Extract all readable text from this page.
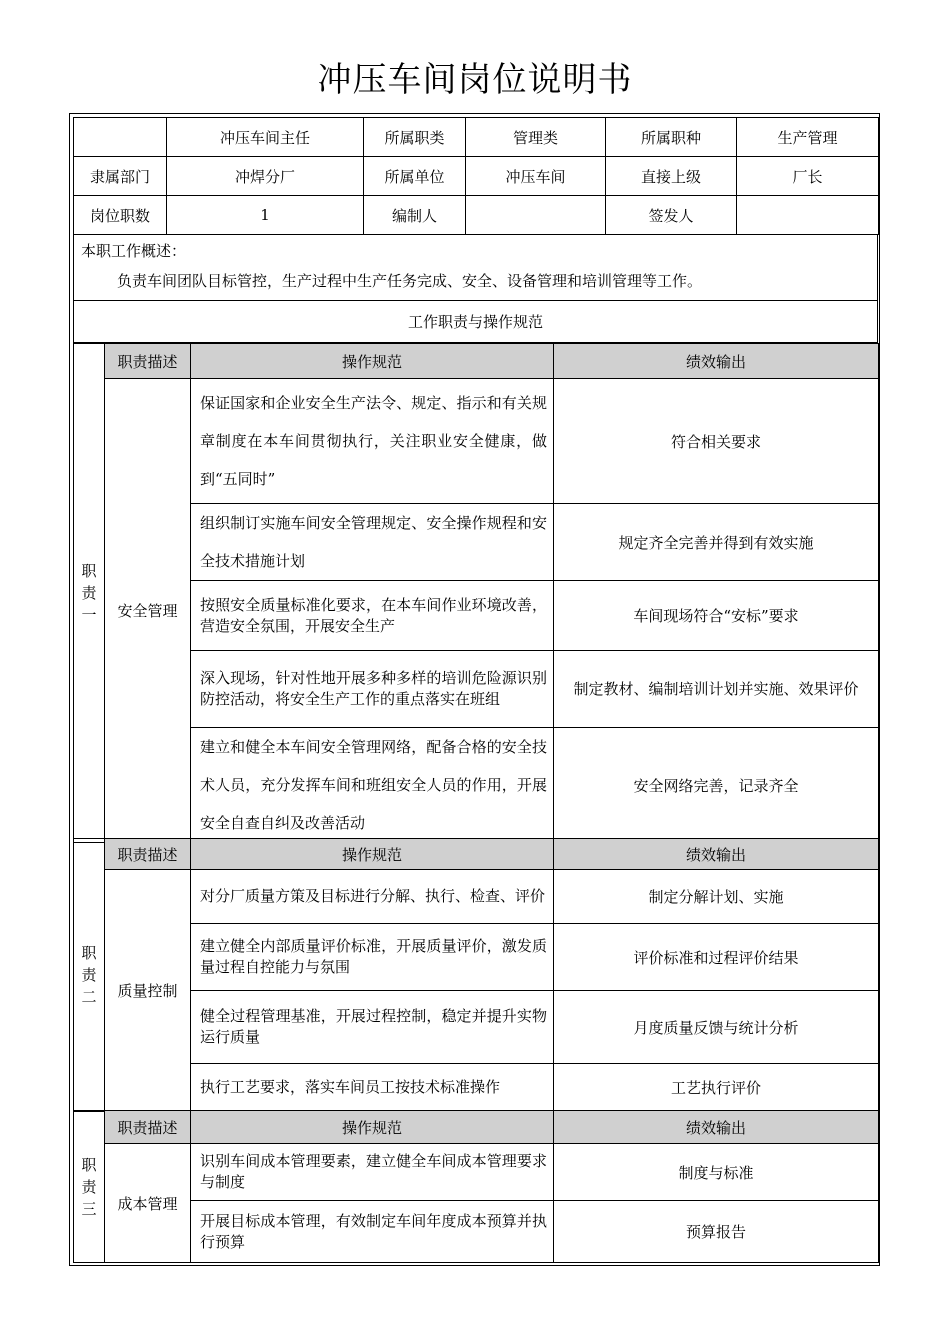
冲压车间岗位说明书
	冲压车间主任	所属职类	管理类	所属职种	生产管理
隶属部门	冲焊分厂	所属单位	冲压车间	直接上级	厂长
岗位职数	1	编制人		签发人	
本职工作概述：
负责车间团队目标管控，生产过程中生产任务完成、安全、设备管理和培训管理等工作。
工作职责与操作规范
职责一	职责描述	操作规范	绩效输出
	安全管理	保证国家和企业安全生产法令、规定、指示和有关规章制度在本车间贯彻执行，关注职业安全健康，做到“五同时”	符合相关要求
		组织制订实施车间安全管理规定、安全操作规程和安全技术措施计划	规定齐全完善并得到有效实施
		按照安全质量标准化要求，在本车间作业环境改善，营造安全氛围，开展安全生产	车间现场符合“安标”要求
		深入现场，针对性地开展多种多样的培训危险源识别防控活动，将安全生产工作的重点落实在班组	制定教材、编制培训计划并实施、效果评价
		建立和健全本车间安全管理网络，配备合格的安全技术人员，充分发挥车间和班组安全人员的作用，开展安全自查自纠及改善活动	安全网络完善，记录齐全
职责二	职责描述	操作规范	绩效输出
	质量控制	对分厂质量方策及目标进行分解、执行、检查、评价	制定分解计划、实施
		建立健全内部质量评价标准，开展质量评价，激发质量过程自控能力与氛围	评价标准和过程评价结果
		健全过程管理基准，开展过程控制，稳定并提升实物运行质量	月度质量反馈与统计分析
		执行工艺要求，落实车间员工按技术标准操作	工艺执行评价
职责三	职责描述	操作规范	绩效输出
	成本管理	识别车间成本管理要素，建立健全车间成本管理要求与制度	制度与标准
		开展目标成本管理，有效制定车间年度成本预算并执行预算	预算报告
